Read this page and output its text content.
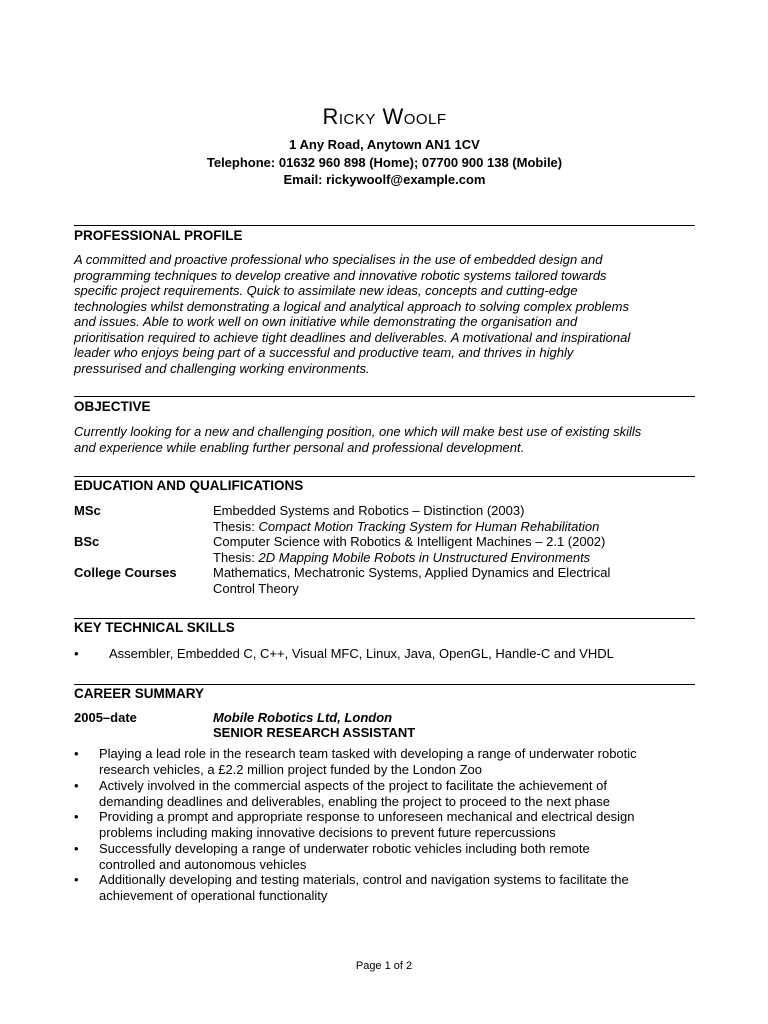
Ricky Woolf
1 Any Road, Anytown AN1 1CV
Telephone: 01632 960 898 (Home); 07700 900 138 (Mobile)
Email: rickywoolf@example.com
PROFESSIONAL PROFILE
A committed and proactive professional who specialises in the use of embedded design and
programming techniques to develop creative and innovative robotic systems tailored towards
specific project requirements. Quick to assimilate new ideas, concepts and cutting-edge
technologies whilst demonstrating a logical and analytical approach to solving complex problems
and issues. Able to work well on own initiative while demonstrating the organisation and
prioritisation required to achieve tight deadlines and deliverables. A motivational and inspirational
leader who enjoys being part of a successful and productive team, and thrives in highly
pressurised and challenging working environments.
OBJECTIVE
Currently looking for a new and challenging position, one which will make best use of existing skills
and experience while enabling further personal and professional development.
EDUCATION AND QUALIFICATIONS
MSc	Embedded Systems and Robotics – Distinction (2003)
Thesis: Compact Motion Tracking System for Human Rehabilitation
BSc	Computer Science with Robotics & Intelligent Machines – 2.1 (2002)
Thesis: 2D Mapping Mobile Robots in Unstructured Environments
College Courses	Mathematics, Mechatronic Systems, Applied Dynamics and Electrical
Control Theory
KEY TECHNICAL SKILLS
• Assembler, Embedded C, C++, Visual MFC, Linux, Java, OpenGL, Handle-C and VHDL
CAREER SUMMARY
2005–date	Mobile Robotics Ltd, London
SENIOR RESEARCH ASSISTANT
• Playing a lead role in the research team tasked with developing a range of underwater robotic
research vehicles, a £2.2 million project funded by the London Zoo
• Actively involved in the commercial aspects of the project to facilitate the achievement of
demanding deadlines and deliverables, enabling the project to proceed to the next phase
• Providing a prompt and appropriate response to unforeseen mechanical and electrical design
problems including making innovative decisions to prevent future repercussions
• Successfully developing a range of underwater robotic vehicles including both remote
controlled and autonomous vehicles
• Additionally developing and testing materials, control and navigation systems to facilitate the
achievement of operational functionality
Page 1 of 2
